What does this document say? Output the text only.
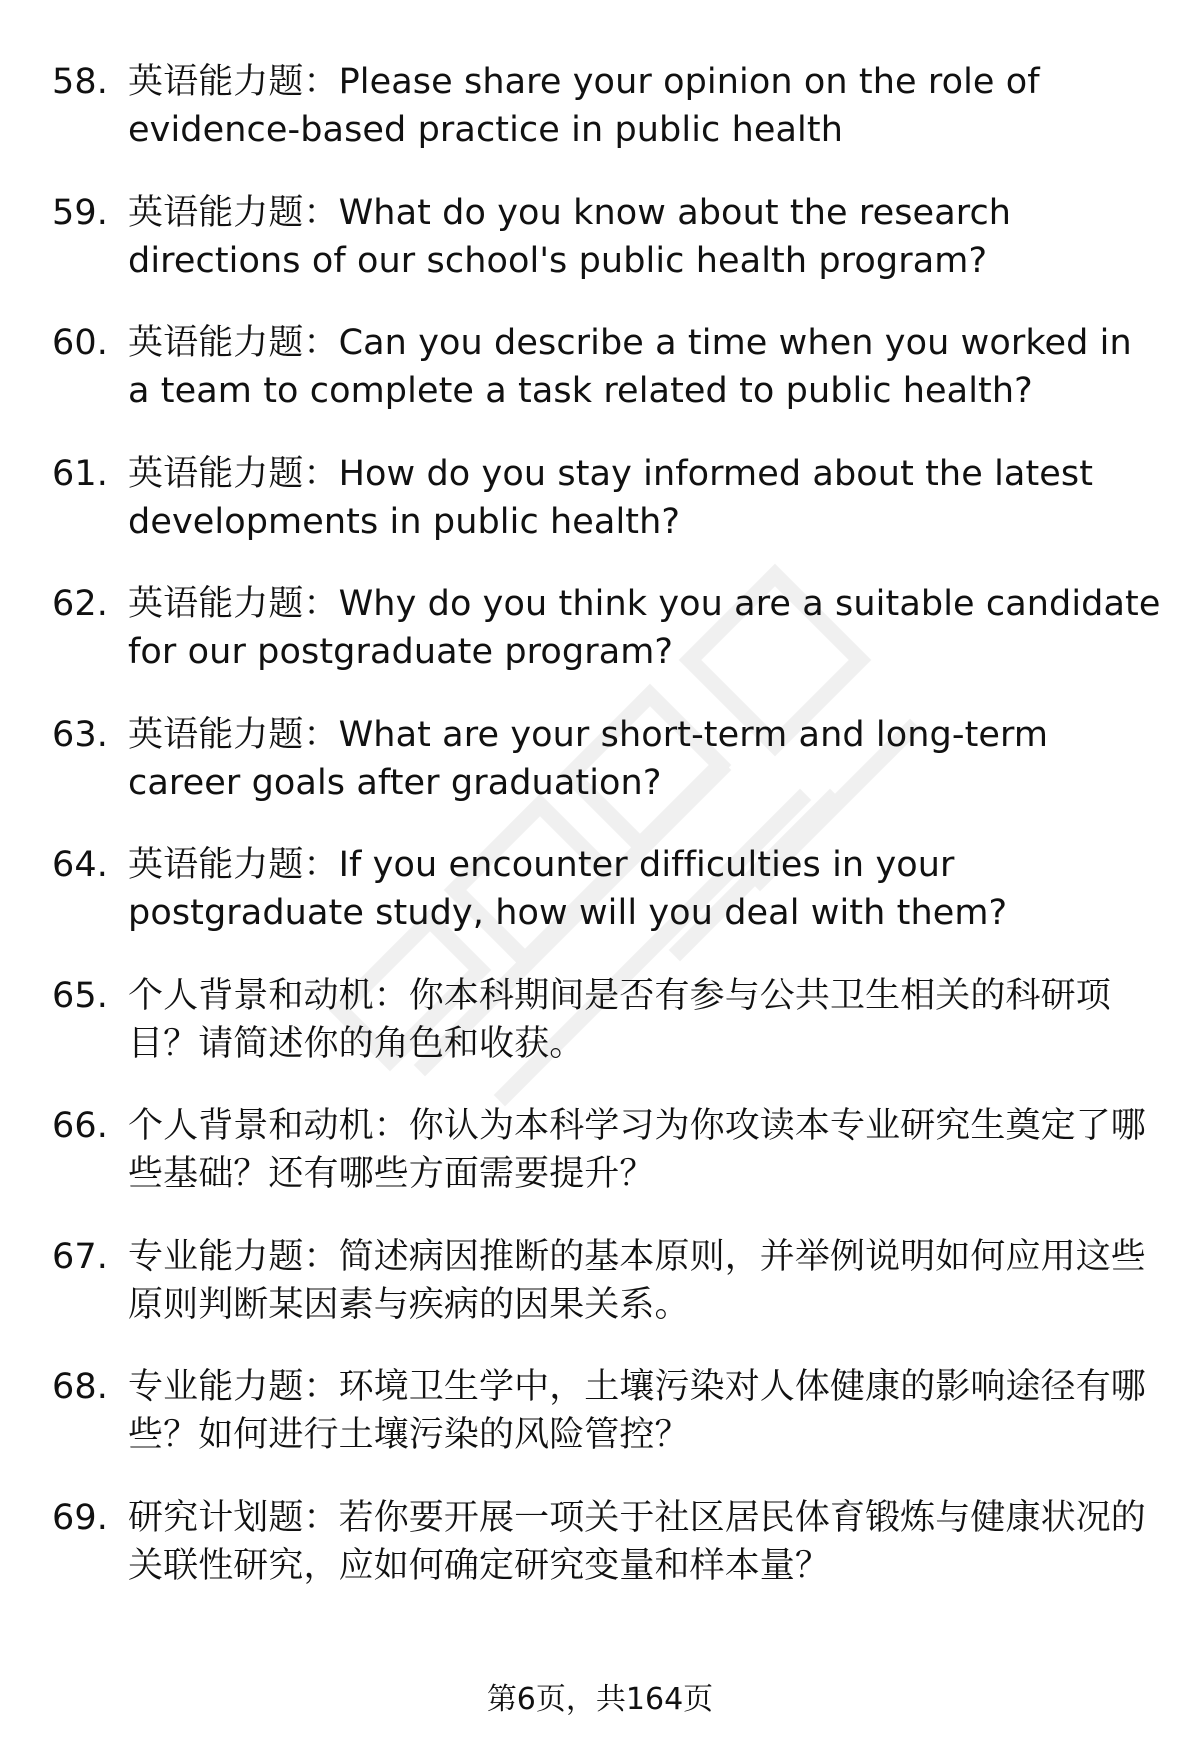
58. 英语能力题：Please share your opinion on the role of evidence-based practice in public health
59. 英语能力题：What do you know about the research directions of our school's public health program?
60. 英语能力题：Can you describe a time when you worked in a team to complete a task related to public health?
61. 英语能力题：How do you stay informed about the latest developments in public health?
62. 英语能力题：Why do you think you are a suitable candidate for our postgraduate program?
63. 英语能力题：What are your short-term and long-term career goals after graduation?
64. 英语能力题：If you encounter difficulties in your postgraduate study, how will you deal with them?
65. 个人背景和动机：你本科期间是否有参与公共卫生相关的科研项目？请简述你的角色和收获。
66. 个人背景和动机：你认为本科学习为你攻读本专业研究生奠定了哪些基础？还有哪些方面需要提升？
67. 专业能力题：简述病因推断的基本原则，并举例说明如何应用这些原则判断某因素与疾病的因果关系。
68. 专业能力题：环境卫生学中，土壤污染对人体健康的影响途径有哪些？如何进行土壤污染的风险管控？
69. 研究计划题：若你要开展一项关于社区居民体育锻炼与健康状况的关联性研究，应如何确定研究变量和样本量？
第6页，共164页
